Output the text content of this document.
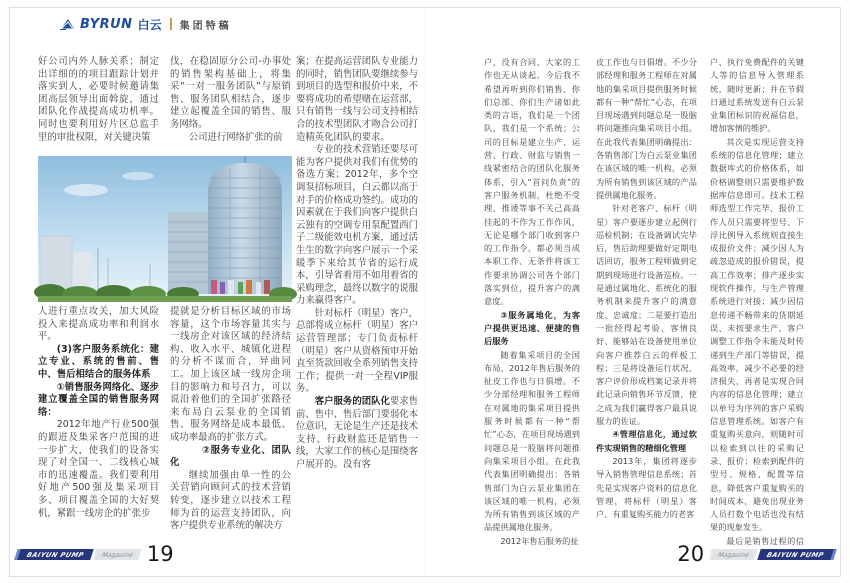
BYRUN 白云 集团特稿

好公司内外人脉关系；制定出详细的的项目跟踪计划并落实到人，必要时候邀请集团高层领导出面斡旋，通过团队化作战提高成功机率。同时也要利用好片区总监手里的审批权限，对关键决策

伐，在稳固原分公司-办事处的销售架构基础上，将集采“一对一服务团队”与原销售、服务团队相结合，逐步建立起覆盖全国的销售、服务网络。

公司进行网络扩张的前

人进行重点攻关，加大风险投入来提高成功率和利润水平。

(3)客户服务系统化：建立专业、系统的售前、售中、售后相结合的服务体系

①销售服务网络化、逐步建立覆盖全国的销售服务网络：

2012年地产行业500强的跟进及集采客户范围的进一步扩大，使我们的设备实现了对全国一、二线核心城市的迅速覆盖。我们要利用好地产500强及集采项目多、项目覆盖全国的大好契机，紧跟一线房企的扩张步

提就是分析目标区域的市场容量，这个市场容量其实与一线房企对该区域的经济结构、收入水平、城镇化进程的分析不谋而合，异曲同工。加上该区域一线房企项目的影响力和号召力，可以说沿着他们的全国扩张路径来布局白云泵业的全国销售、服务网络是成本最低、成功率最高的扩张方式。

②服务专业化、团队化

继续加强由单一性的公关营销向顾问式的技术营销转变，逐步建立以技术工程师为首的运营支持团队，向客户提供专业系统的解决方

案；在提高运营团队专业能力的同时，销售团队要继续参与到项目的选型和报价中来，不要将成功的希望赌在运营部，只有销售一线与公司支持相结合的技术型团队才吻合公司打造精英化团队的要求。

专业的技术营销还要尽可能为客户提供对我们有优势的备选方案；2012年，多个空调泵招标项目，白云都以高于对手的价格成功签约。成功的因素就在于我们向客户提供白云独有的空调专用泵配置西门子二级能效电机方案，通过活生生的数字向客户展示一个采暖季下来给其节省的运行成本，引导省着用不如用着省的采购理念，最终以数字的说服力来赢得客户。

针对标杆（明星）客户，总部将成立标杆（明星）客户运营管理部；专门负责标杆（明星）客户从资格预审开始直至货款回收全系列销售支持工作；提供一对一全程VIP服务。

客户服务的团队化要求售前、售中、售后部门要弱化本位意识，无论是生产还是技术支持、行政财监还是销售一线，大家工作的核心是围绕客户展开的。没有客

户、没有合同，大家的工作也无从谈起。今后我不希望再听到你们销售、你们总部、你们生产诸如此类的言语，我们是一个团队，我们是一个系统；公司的目标是建立生产、运营、行政、财监与销售一线紧密结合的团队化服务体系，引入“首问负责”的客户服务机制，杜绝不受理、推诿等事不关己高高挂起的不作为工作作风，无论是哪个部门收到客户的工作指令，都必须当成本职工作、无条件将该工作要求协调公司各个部门落实到位，提升客户的满意度。

③服务属地化，为客户提供更迅速、便捷的售后服务

随着集采项目的全国布局，2012年售后服务的扯皮工作也与日俱增。不少分部经理和服务工程师在对属地的集采项目提供服务时候都有一种“帮忙”心态，在项目现场遇到问题总是一股脑将问题推向集采项目小组。在此我代表集团明确提出：各销售部门为白云泵业集团在该区域的唯一机构，必须为所有销售到该区域的产品提供属地化服务。

2012年售后服务的扯

皮工作也与日俱增。不少分部经理和服务工程师在对属地的集采项目提供服务时候都有一种“帮忙”心态，在项目现场遇到问题总是一股脑将问题推向集采项目小组。在此我代表集团明确提出：各销售部门为白云泵业集团在该区域的唯一机构，必须为所有销售到该区域的产品提供属地化服务。

针对老客户、标杆（明星）客户要逐步建立起例行巡检机制；在设备调试完毕后，售后助理要做好定期电话回访，服务工程师做到定期到现场进行设备巡检。一是通过属地化、系统化的服务机制来提升客户的满意度、忠诚度；二是要打造出一批经得起考验、客情良好、能够站在设备使用单位向客户推荐白云的样板工程；三是将设备运行状况、客户评价形成档案记录并将此记录向销售环节反馈，使之成为我们赢得客户最具说服力的佐证。

④管理信息化，通过软件实现销售的精细化管理

2013年，集团将逐步导入销售管理信息系统；首先是实现客户资料的信息化管理，将标杆（明星）客户、有重复购买能力的老客

户、执行免费配件的关键人等的信息导入管理系统，随时更新；并在节假日通过系统发送有白云泵业集团标识的祝福信息，增加客情的维护。

其次是实现运营支持系统的信息化管理；建立数据库式的价格体系，如价格调整则只需要维护数据库信息即可。技术工程师选型工作完毕，报价工作人员只需要将型号、下浮比例导入系统则直接生成报价文件；减少因人为疏忽造成的报价错误，提高工作效率；排产逐步实现软件操作，与生产管理系统进行对接；减少因信息传递不畅带来的货期延误、未按要求生产、客户调整工作指令未能及时传递到生产部门等错误，提高效率，减少不必要的经济损失，再者是实现合同内容的信息化管理；建立以单号为序列的客户采购信息管理系统。如客户有重复购买意向，则随时可以检索到以往的采购记录、报价；检索到配件的型号、规格、配置等信息，降低客户重复购买的时间成本，避免出现业务人员打数个电话也没有结果的现象发生。

最后是销售过程的信

BAIYUN PUMP	Magazine 19	20	Magazine	BAIYUN PUMP
